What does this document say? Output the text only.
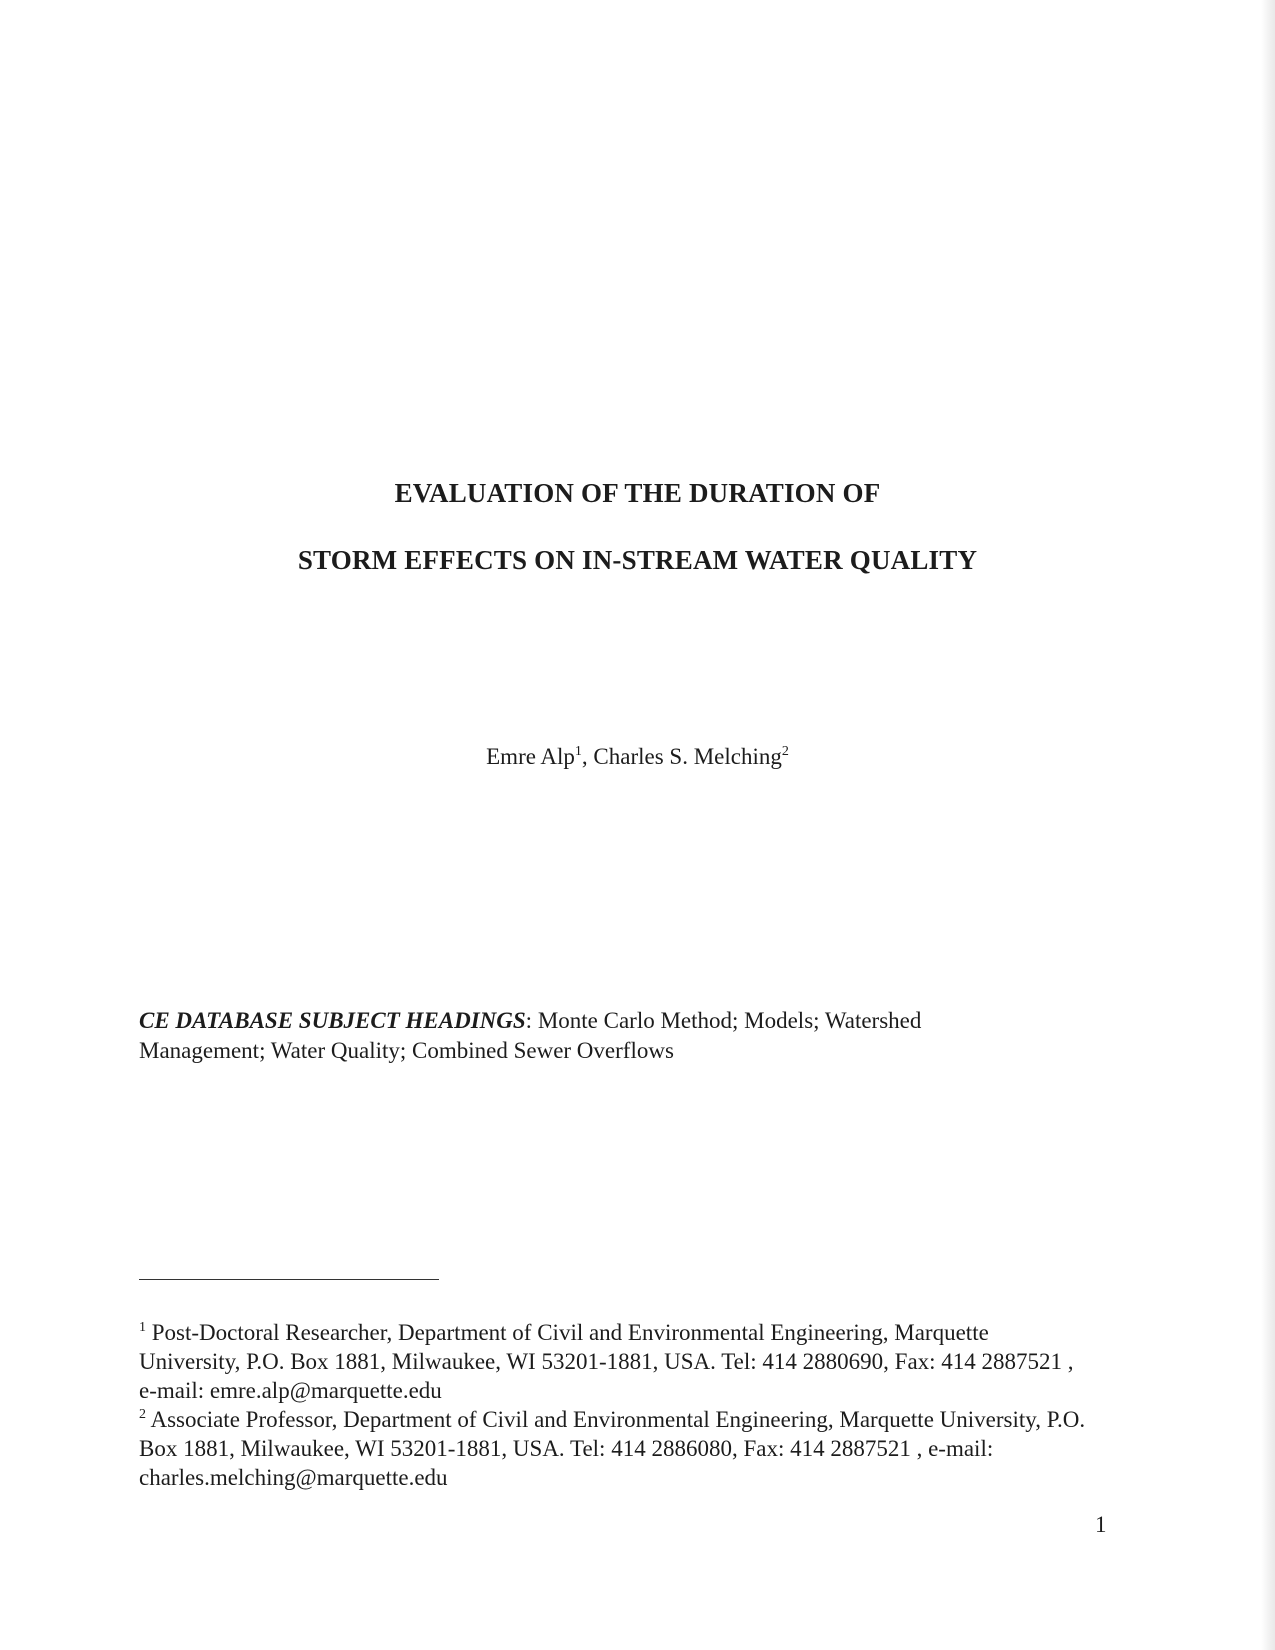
EVALUATION OF THE DURATION OF
STORM EFFECTS ON IN-STREAM WATER QUALITY

Emre Alp$^1$, Charles S. Melching$^2$

CE DATABASE SUBJECT HEADINGS: Monte Carlo Method; Models; Watershed Management; Water Quality; Combined Sewer Overflows

$^1$ Post-Doctoral Researcher, Department of Civil and Environmental Engineering, Marquette University, P.O. Box 1881, Milwaukee, WI 53201-1881, USA. Tel: 414 2880690, Fax: 414 2887521 , e-mail: emre.alp@marquette.edu

$^2$ Associate Professor, Department of Civil and Environmental Engineering, Marquette University, P.O. Box 1881, Milwaukee, WI 53201-1881, USA. Tel: 414 2886080, Fax: 414 2887521 , e-mail: charles.melching@marquette.edu

1
